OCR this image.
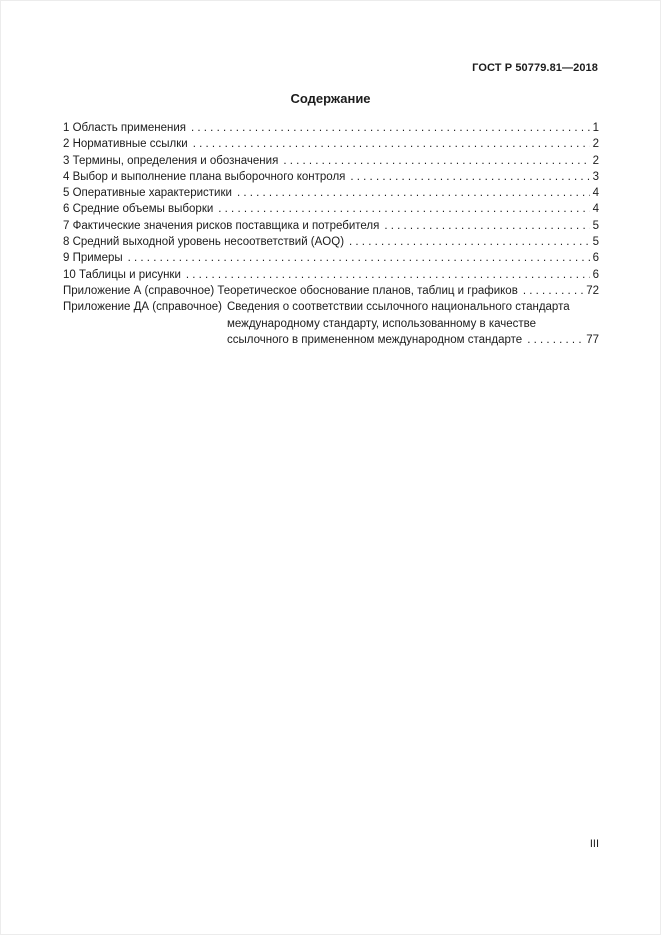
ГОСТ Р 50779.81—2018
Содержание
1 Область применения . . .	1
2 Нормативные ссылки . . .	2
3 Термины, определения и обозначения . . .	2
4 Выбор и выполнение плана выборочного контроля . . .	3
5 Оперативные характеристики . . .	4
6 Средние объемы выборки . . .	4
7 Фактические значения рисков поставщика и потребителя . . .	5
8 Средний выходной уровень несоответствий (AOQ) . . .	5
9 Примеры . . .	6
10 Таблицы и рисунки . . .	6
Приложение А (справочное) Теоретическое обоснование планов, таблиц и графиков . . .	72
Приложение ДА (справочное) Сведения о соответствии ссылочного национального стандарта
международному стандарту, использованному в качестве
ссылочного в примененном международном стандарте . . .	77
III
